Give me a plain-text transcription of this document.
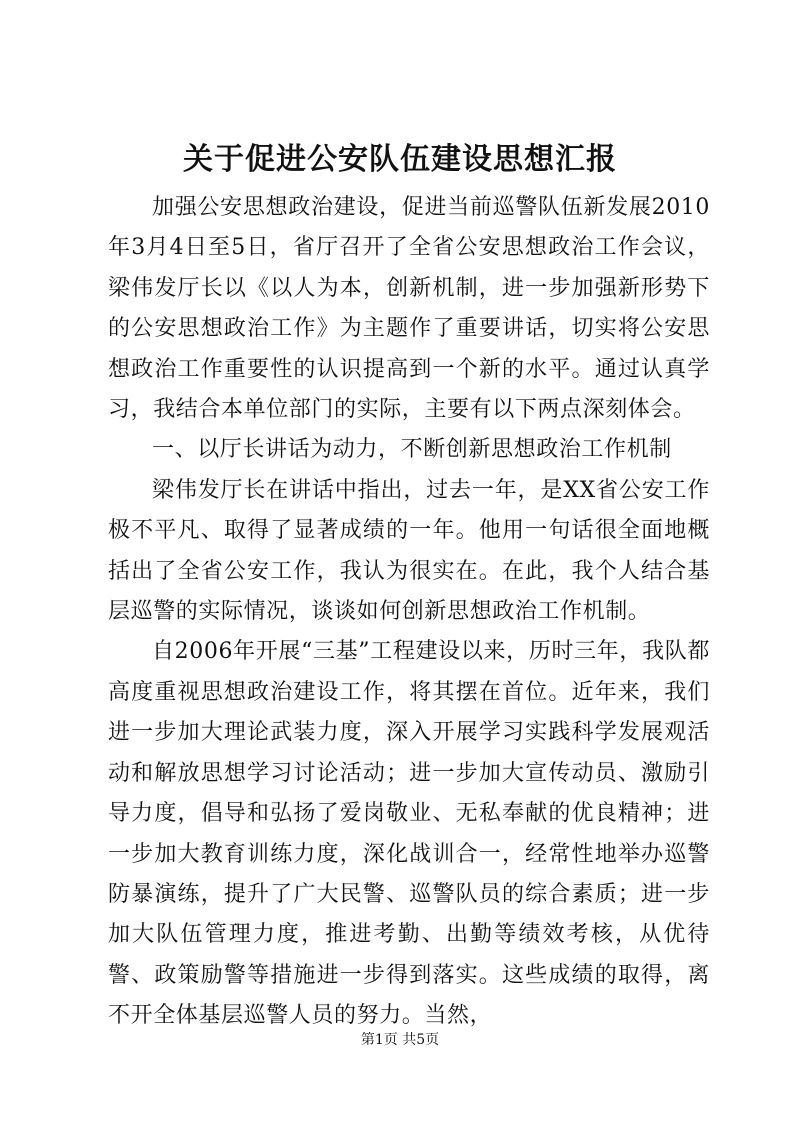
关于促进公安队伍建设思想汇报

加强公安思想政治建设，促进当前巡警队伍新发展2010年3月4日至5日，省厅召开了全省公安思想政治工作会议，梁伟发厅长以《以人为本，创新机制，进一步加强新形势下的公安思想政治工作》为主题作了重要讲话，切实将公安思想政治工作重要性的认识提高到一个新的水平。通过认真学习，我结合本单位部门的实际，主要有以下两点深刻体会。

一、以厅长讲话为动力，不断创新思想政治工作机制

梁伟发厅长在讲话中指出，过去一年，是XX省公安工作极不平凡、取得了显著成绩的一年。他用一句话很全面地概括出了全省公安工作，我认为很实在。在此，我个人结合基层巡警的实际情况，谈谈如何创新思想政治工作机制。

自2006年开展“三基”工程建设以来，历时三年，我队都高度重视思想政治建设工作，将其摆在首位。近年来，我们进一步加大理论武装力度，深入开展学习实践科学发展观活动和解放思想学习讨论活动；进一步加大宣传动员、激励引导力度，倡导和弘扬了爱岗敬业、无私奉献的优良精神；进一步加大教育训练力度，深化战训合一，经常性地举办巡警防暴演练，提升了广大民警、巡警队员的综合素质；进一步加大队伍管理力度，推进考勤、出勤等绩效考核，从优待警、政策励警等措施进一步得到落实。这些成绩的取得，离不开全体基层巡警人员的努力。当然，

第1页 共5页
